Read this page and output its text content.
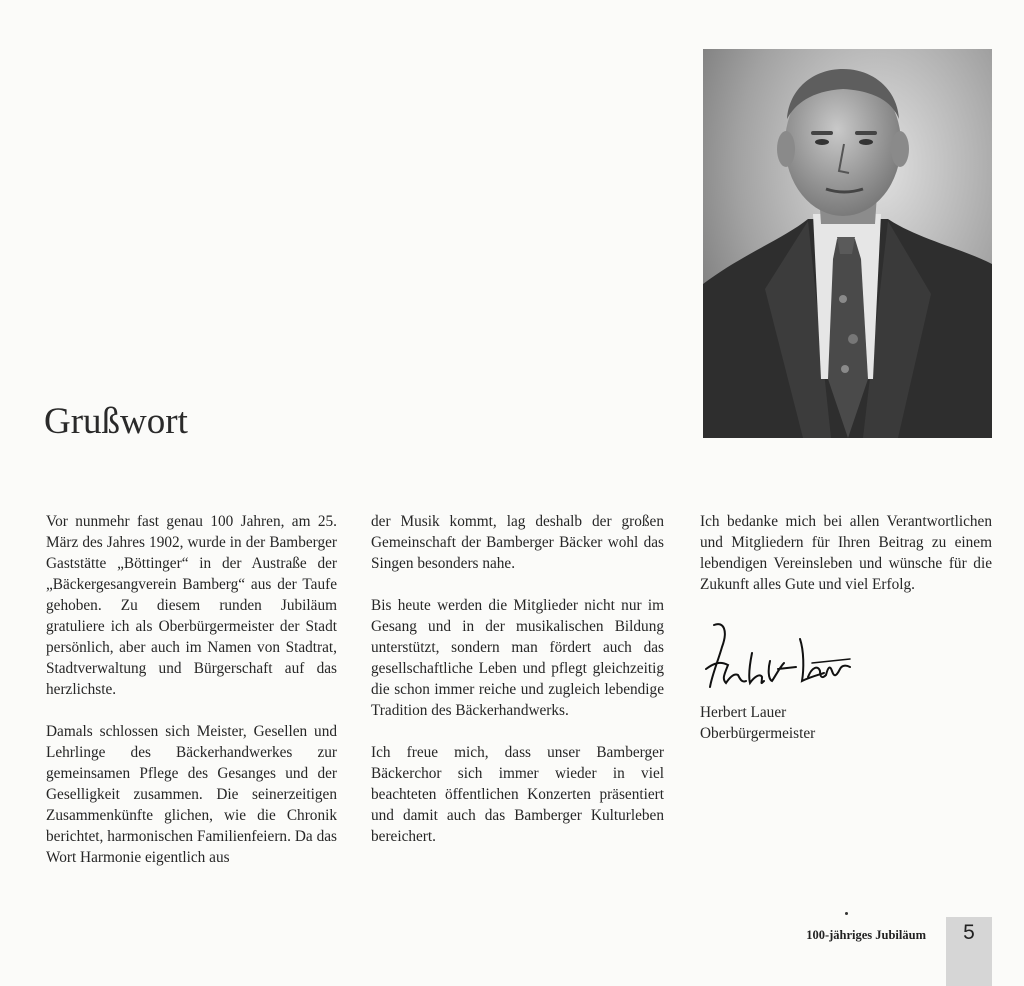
Grußwort

Vor nunmehr fast genau 100 Jahren, am 25. März des Jahres 1902, wurde in der Bamberger Gaststätte „Böttinger“ in der Austraße der „Bäckergesangverein Bamberg“ aus der Taufe gehoben. Zu diesem runden Jubiläum gratuliere ich als Oberbürgermeister der Stadt persönlich, aber auch im Namen von Stadtrat, Stadtverwaltung und Bürgerschaft auf das herzlichste.

Damals schlossen sich Meister, Gesellen und Lehrlinge des Bäckerhandwerkes zur gemeinsamen Pflege des Gesanges und der Geselligkeit zusammen. Die seinerzeitigen Zusammenkünfte glichen, wie die Chronik berichtet, harmonischen Familienfeiern. Da das Wort Harmonie eigentlich aus

der Musik kommt, lag deshalb der großen Gemeinschaft der Bamberger Bäcker wohl das Singen besonders nahe.

Bis heute werden die Mitglieder nicht nur im Gesang und in der musikalischen Bildung unterstützt, sondern man fördert auch das gesellschaftliche Leben und pflegt gleichzeitig die schon immer reiche und zugleich lebendige Tradition des Bäckerhandwerks.

Ich freue mich, dass unser Bamberger Bäckerchor sich immer wieder in viel beachteten öffentlichen Konzerten präsentiert und damit auch das Bamberger Kulturleben bereichert.

Ich bedanke mich bei allen Verantwortlichen und Mitgliedern für Ihren Beitrag zu einem lebendigen Vereinsleben und wünsche für die Zukunft alles Gute und viel Erfolg.

Herbert Lauer
Oberbürgermeister
100-jähriges Jubiläum	5
